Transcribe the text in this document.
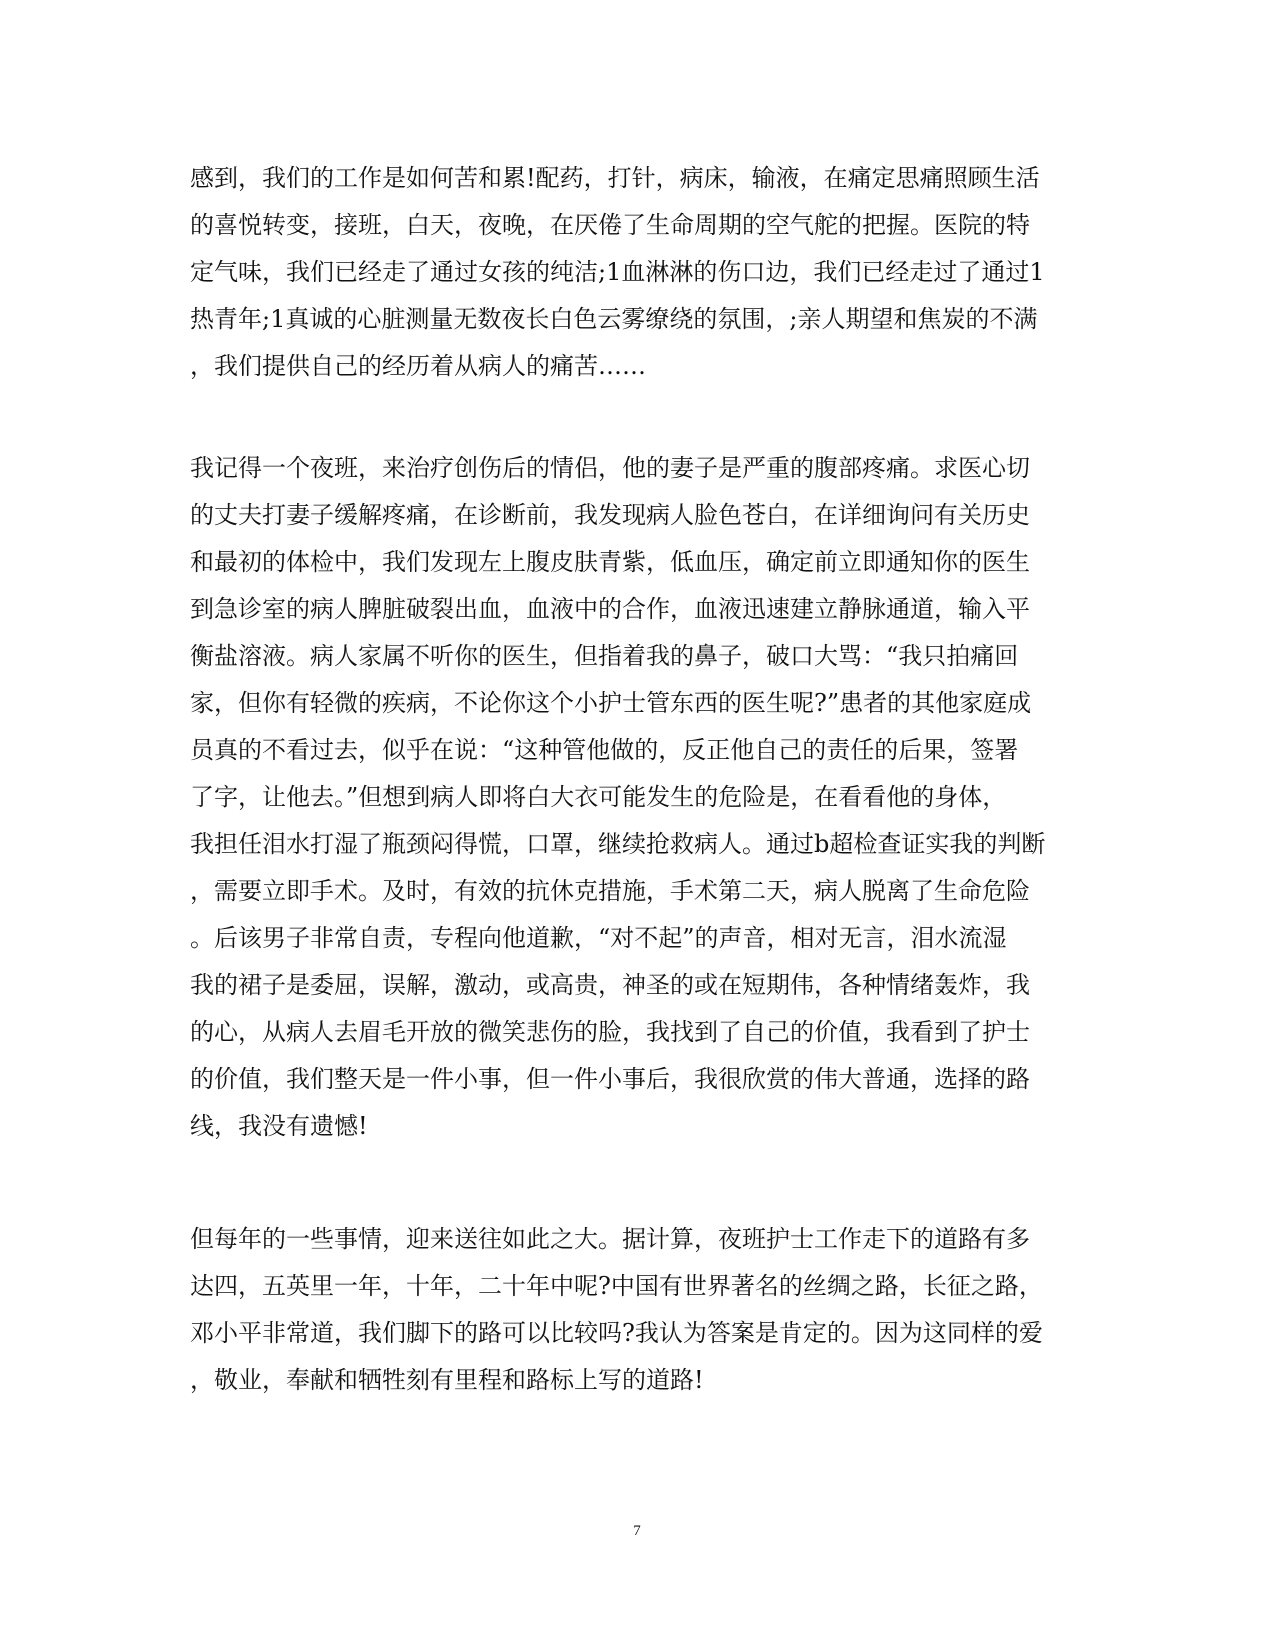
感到，我们的工作是如何苦和累!配药，打针，病床，输液，在痛定思痛照顾生活
的喜悦转变，接班，白天，夜晚，在厌倦了生命周期的空气舵的把握。医院的特
定气味，我们已经走了通过女孩的纯洁;1血淋淋的伤口边，我们已经走过了通过1
热青年;1真诚的心脏测量无数夜长白色云雾缭绕的氛围，;亲人期望和焦炭的不满
，我们提供自己的经历着从病人的痛苦……
我记得一个夜班，来治疗创伤后的情侣，他的妻子是严重的腹部疼痛。求医心切
的丈夫打妻子缓解疼痛，在诊断前，我发现病人脸色苍白，在详细询问有关历史
和最初的体检中，我们发现左上腹皮肤青紫，低血压，确定前立即通知你的医生
到急诊室的病人脾脏破裂出血，血液中的合作，血液迅速建立静脉通道，输入平
衡盐溶液。病人家属不听你的医生，但指着我的鼻子，破口大骂：“我只拍痛回
家，但你有轻微的疾病，不论你这个小护士管东西的医生呢?”患者的其他家庭成
员真的不看过去，似乎在说：“这种管他做的，反正他自己的责任的后果，签署
了字，让他去。”但想到病人即将白大衣可能发生的危险是，在看看他的身体，
我担任泪水打湿了瓶颈闷得慌，口罩，继续抢救病人。通过b超检查证实我的判断
，需要立即手术。及时，有效的抗休克措施，手术第二天，病人脱离了生命危险
。后该男子非常自责，专程向他道歉，“对不起”的声音，相对无言，泪水流湿
我的裙子是委屈，误解，激动，或高贵，神圣的或在短期伟，各种情绪轰炸，我
的心，从病人去眉毛开放的微笑悲伤的脸，我找到了自己的价值，我看到了护士
的价值，我们整天是一件小事，但一件小事后，我很欣赏的伟大普通，选择的路
线，我没有遗憾!
但每年的一些事情，迎来送往如此之大。据计算，夜班护士工作走下的道路有多
达四，五英里一年，十年，二十年中呢?中国有世界著名的丝绸之路，长征之路，
邓小平非常道，我们脚下的路可以比较吗?我认为答案是肯定的。因为这同样的爱
，敬业，奉献和牺牲刻有里程和路标上写的道路!
7
